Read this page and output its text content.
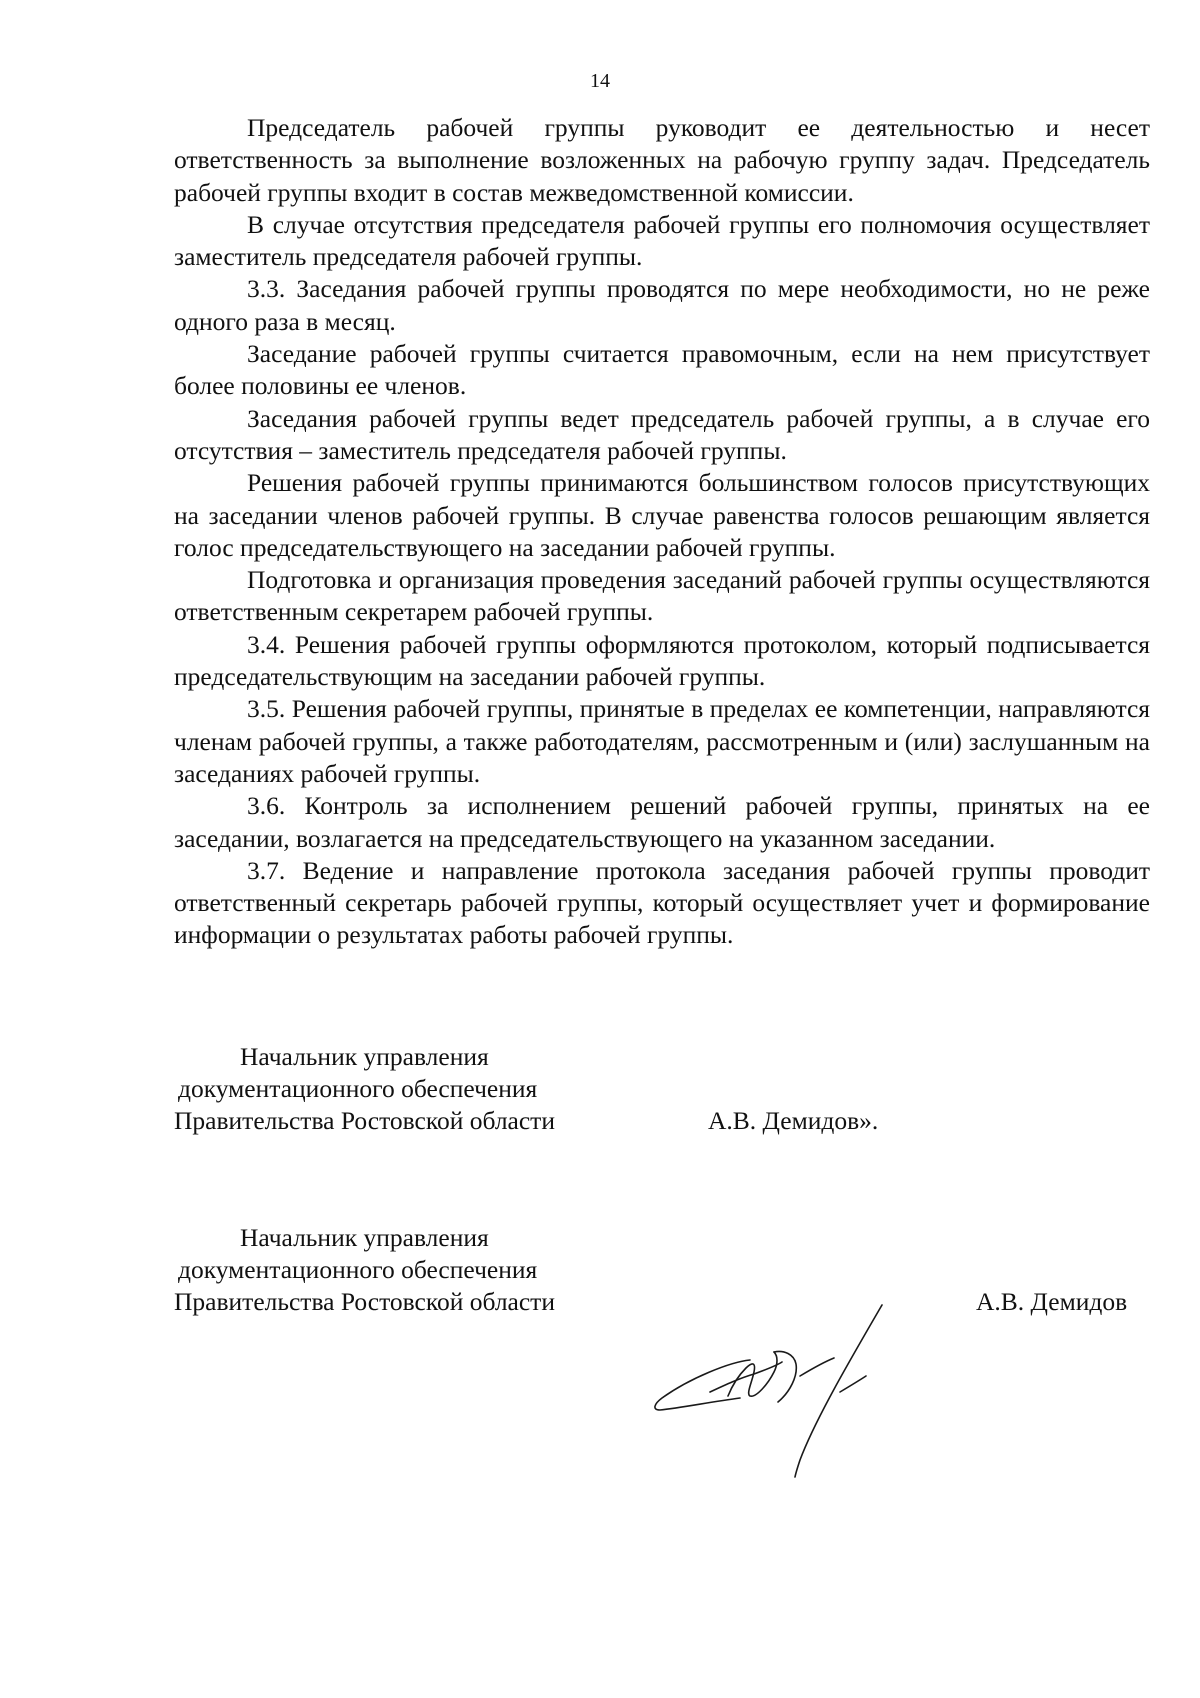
14

Председатель рабочей группы руководит ее деятельностью и несет ответственность за выполнение возложенных на рабочую группу задач. Председатель рабочей группы входит в состав межведомственной комиссии.

В случае отсутствия председателя рабочей группы его полномочия осуществляет заместитель председателя рабочей группы.

3.3. Заседания рабочей группы проводятся по мере необходимости, но не реже одного раза в месяц.

Заседание рабочей группы считается правомочным, если на нем присутствует более половины ее членов.

Заседания рабочей группы ведет председатель рабочей группы, а в случае его отсутствия – заместитель председателя рабочей группы.

Решения рабочей группы принимаются большинством голосов присутствующих на заседании членов рабочей группы. В случае равенства голосов решающим является голос председательствующего на заседании рабочей группы.

Подготовка и организация проведения заседаний рабочей группы осуществляются ответственным секретарем рабочей группы.

3.4. Решения рабочей группы оформляются протоколом, который подписывается председательствующим на заседании рабочей группы.

3.5. Решения рабочей группы, принятые в пределах ее компетенции, направляются членам рабочей группы, а также работодателям, рассмотренным и (или) заслушанным на заседаниях рабочей группы.

3.6. Контроль за исполнением решений рабочей группы, принятых на ее заседании, возлагается на председательствующего на указанном заседании.

3.7. Ведение и направление протокола заседания рабочей группы проводит ответственный секретарь рабочей группы, который осуществляет учет и формирование информации о результатах работы рабочей группы.

Начальник управления
документационного обеспечения
Правительства Ростовской области	А.В. Демидов».
Начальник управления
документационного обеспечения
Правительства Ростовской области	А.В. Демидов
